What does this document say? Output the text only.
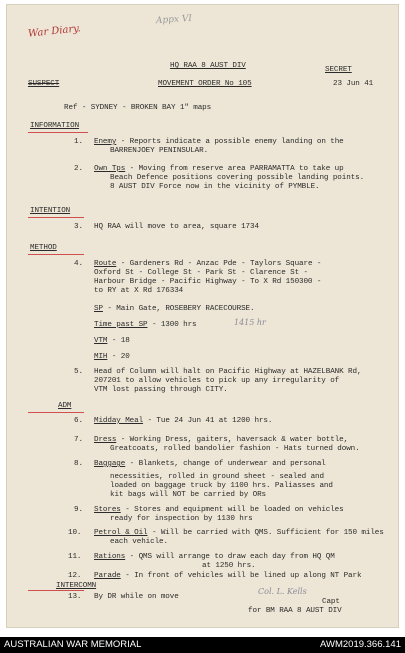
War Diary.
Appx VI
HQ RAA 8 AUST DIV	SECRET
SUSPECT	MOVEMENT ORDER No 105	23 Jun 41
Ref - SYDNEY - BROKEN BAY 1" maps
INFORMATION
1. Enemy - Reports indicate a possible enemy landing on the
BARRENJOEY PENINSULAR.
2. Own Tps - Moving from reserve area PARRAMATTA to take up
Beach Defence positions covering possible landing points.
8 AUST DIV Force now in the vicinity of PYMBLE.
INTENTION
3. HQ RAA will move to area, square 1734
METHOD
4. Route - Gardeners Rd - Anzac Pde - Taylors Square -
Oxford St - College St - Park St - Clarence St -
Harbour Bridge - Pacific Highway - To X Rd 150300 -
to RY at X Rd 176334
SP - Main Gate, ROSEBERY RACECOURSE.
Time past SP - 1300 hrs	1415 hr
VTM - 18
MIH - 20
5. Head of Column will halt on Pacific Highway at HAZELBANK Rd,
207201 to allow vehicles to pick up any irregularity of
VTM lost passing through CITY.
ADM
6. Midday Meal - Tue 24 Jun 41 at 1200 hrs.
7. Dress - Working Dress, gaiters, haversack & water bottle,
Greatcoats, rolled bandolier fashion - Hats turned down.
8. Baggage - Blankets, change of underwear and personal
necessities, rolled in ground sheet - sealed and
loaded on baggage truck by 1100 hrs. Paliasses and
kit bags will NOT be carried by ORs
9. Stores - Stores and equipment will be loaded on vehicles
ready for inspection by 1130 hrs
10. Petrol & Oil - Will be carried with QMS. Sufficient for 150 miles
each vehicle.
11. Rations - QMS will arrange to draw each day from HQ QM
at 1250 hrs.
12. Parade - In front of vehicles will be lined up along NT Park
INTERCOMN
13. By DR while on move
Col. L. Kells
Capt
for BM RAA 8 AUST DIV
AUSTRALIAN WAR MEMORIAL	AWM2019.366.141
